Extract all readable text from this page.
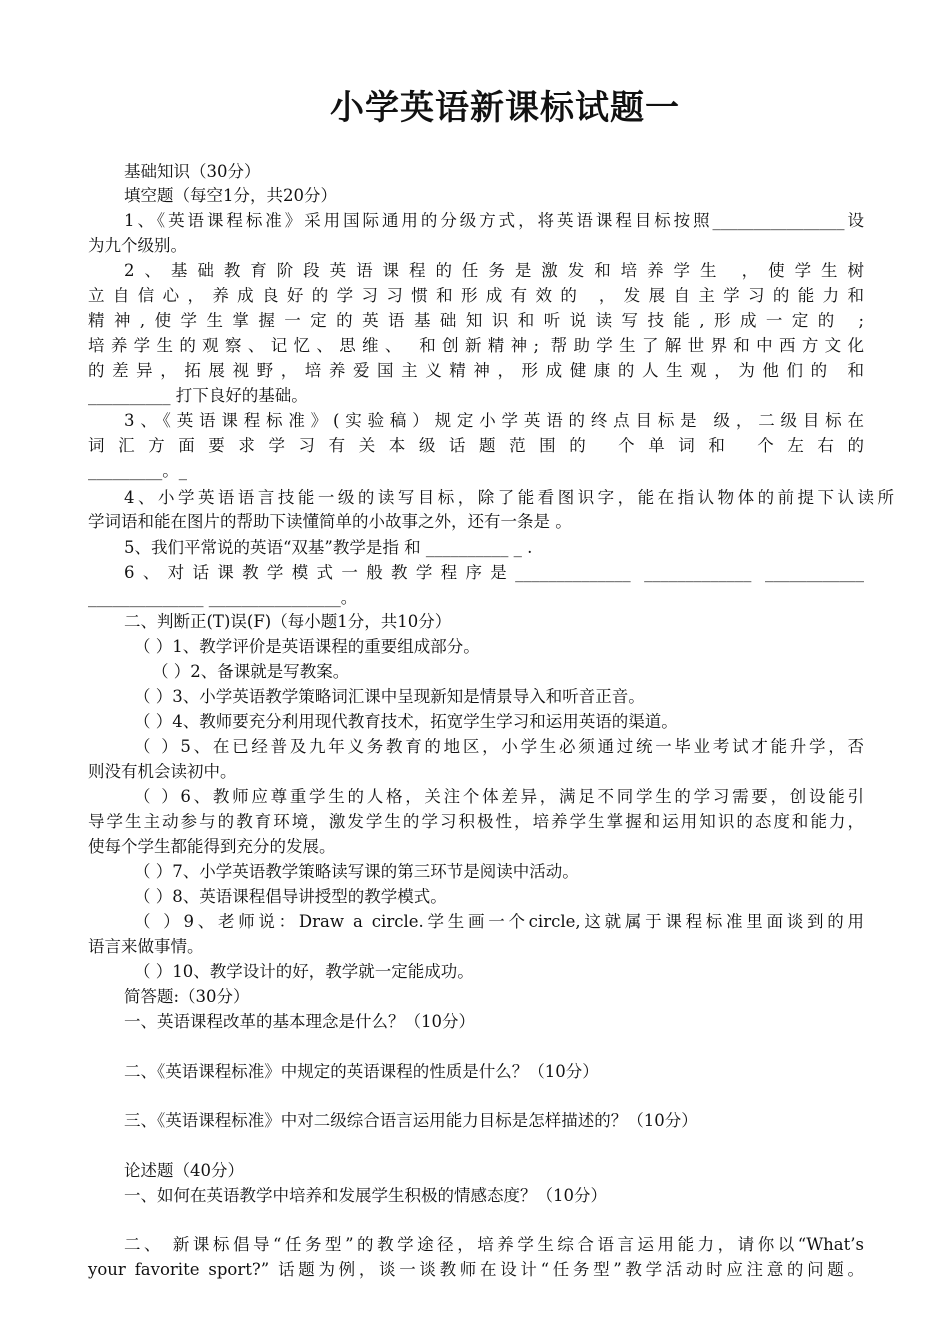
小学英语新课标试题一
基础知识（30分）
填空题（每空1分，共20分）
1、《英语课程标准》采用国际通用的分级方式，将英语课程目标按照________________设
为九个级别。
2、基础教育阶段英语课程的任务是激发和培养学生 ，使学生树
立自信心，养成良好的学习习惯和形成有效的 ，发展自主学习的能力和
精神,使学生掌握一定的英语基础知识和听说读写技能,形成一定的 ;
培养学生的观察、记忆、思维、 和创新精神; 帮助学生了解世界和中西方文化
的差异，拓展视野，培养爱国主义精神，形成健康的人生观，为他们的 和
__________ 打下良好的基础。
3、《英语课程标准》(实验稿）规定小学英语的终点目标是 级，二级目标在
词汇方面要求学习有关本级话题范围的 个单词和 个左右的
_________。_
4、小学英语语言技能一级的读写目标，除了能看图识字，能在指认物体的前提下认读所
学词语和能在图片的帮助下读懂简单的小故事之外，还有一条是 。
5、我们平常说的英语“双基”教学是指 和 __________ _ .
6、对话课教学模式一般教学程序是______________ _____________ ____________
______________ ________________。
二、判断正(T)误(F)（每小题1分，共10分）
（ ）1、教学评价是英语课程的重要组成部分。
（ ）2、备课就是写教案。
（ ）3、小学英语教学策略词汇课中呈现新知是情景导入和听音正音。
（ ）4、教师要充分利用现代教育技术，拓宽学生学习和运用英语的渠道。
（ ）5、在已经普及九年义务教育的地区，小学生必须通过统一毕业考试才能升学，否
则没有机会读初中。
（ ）6、教师应尊重学生的人格，关注个体差异，满足不同学生的学习需要，创设能引
导学生主动参与的教育环境，激发学生的学习积极性，培养学生掌握和运用知识的态度和能力，
使每个学生都能得到充分的发展。
（ ）7、小学英语教学策略读写课的第三环节是阅读中活动。
（ ）8、英语课程倡导讲授型的教学模式。
（ ）9、老师说：Draw a circle.学生画一个circle,这就属于课程标准里面谈到的用
语言来做事情。
（ ）10、教学设计的好，教学就一定能成功。
简答题:（30分）
一、英语课程改革的基本理念是什么？（10分）
二、《英语课程标准》中规定的英语课程的性质是什么？（10分）
三、《英语课程标准》中对二级综合语言运用能力目标是怎样描述的？（10分）
论述题（40分）
一、如何在英语教学中培养和发展学生积极的情感态度？（10分）
二、 新课标倡导“任务型”的教学途径，培养学生综合语言运用能力，请你以“What’s
your favorite sport?” 话题为例，谈一谈教师在设计“任务型”教学活动时应注意的问题。
